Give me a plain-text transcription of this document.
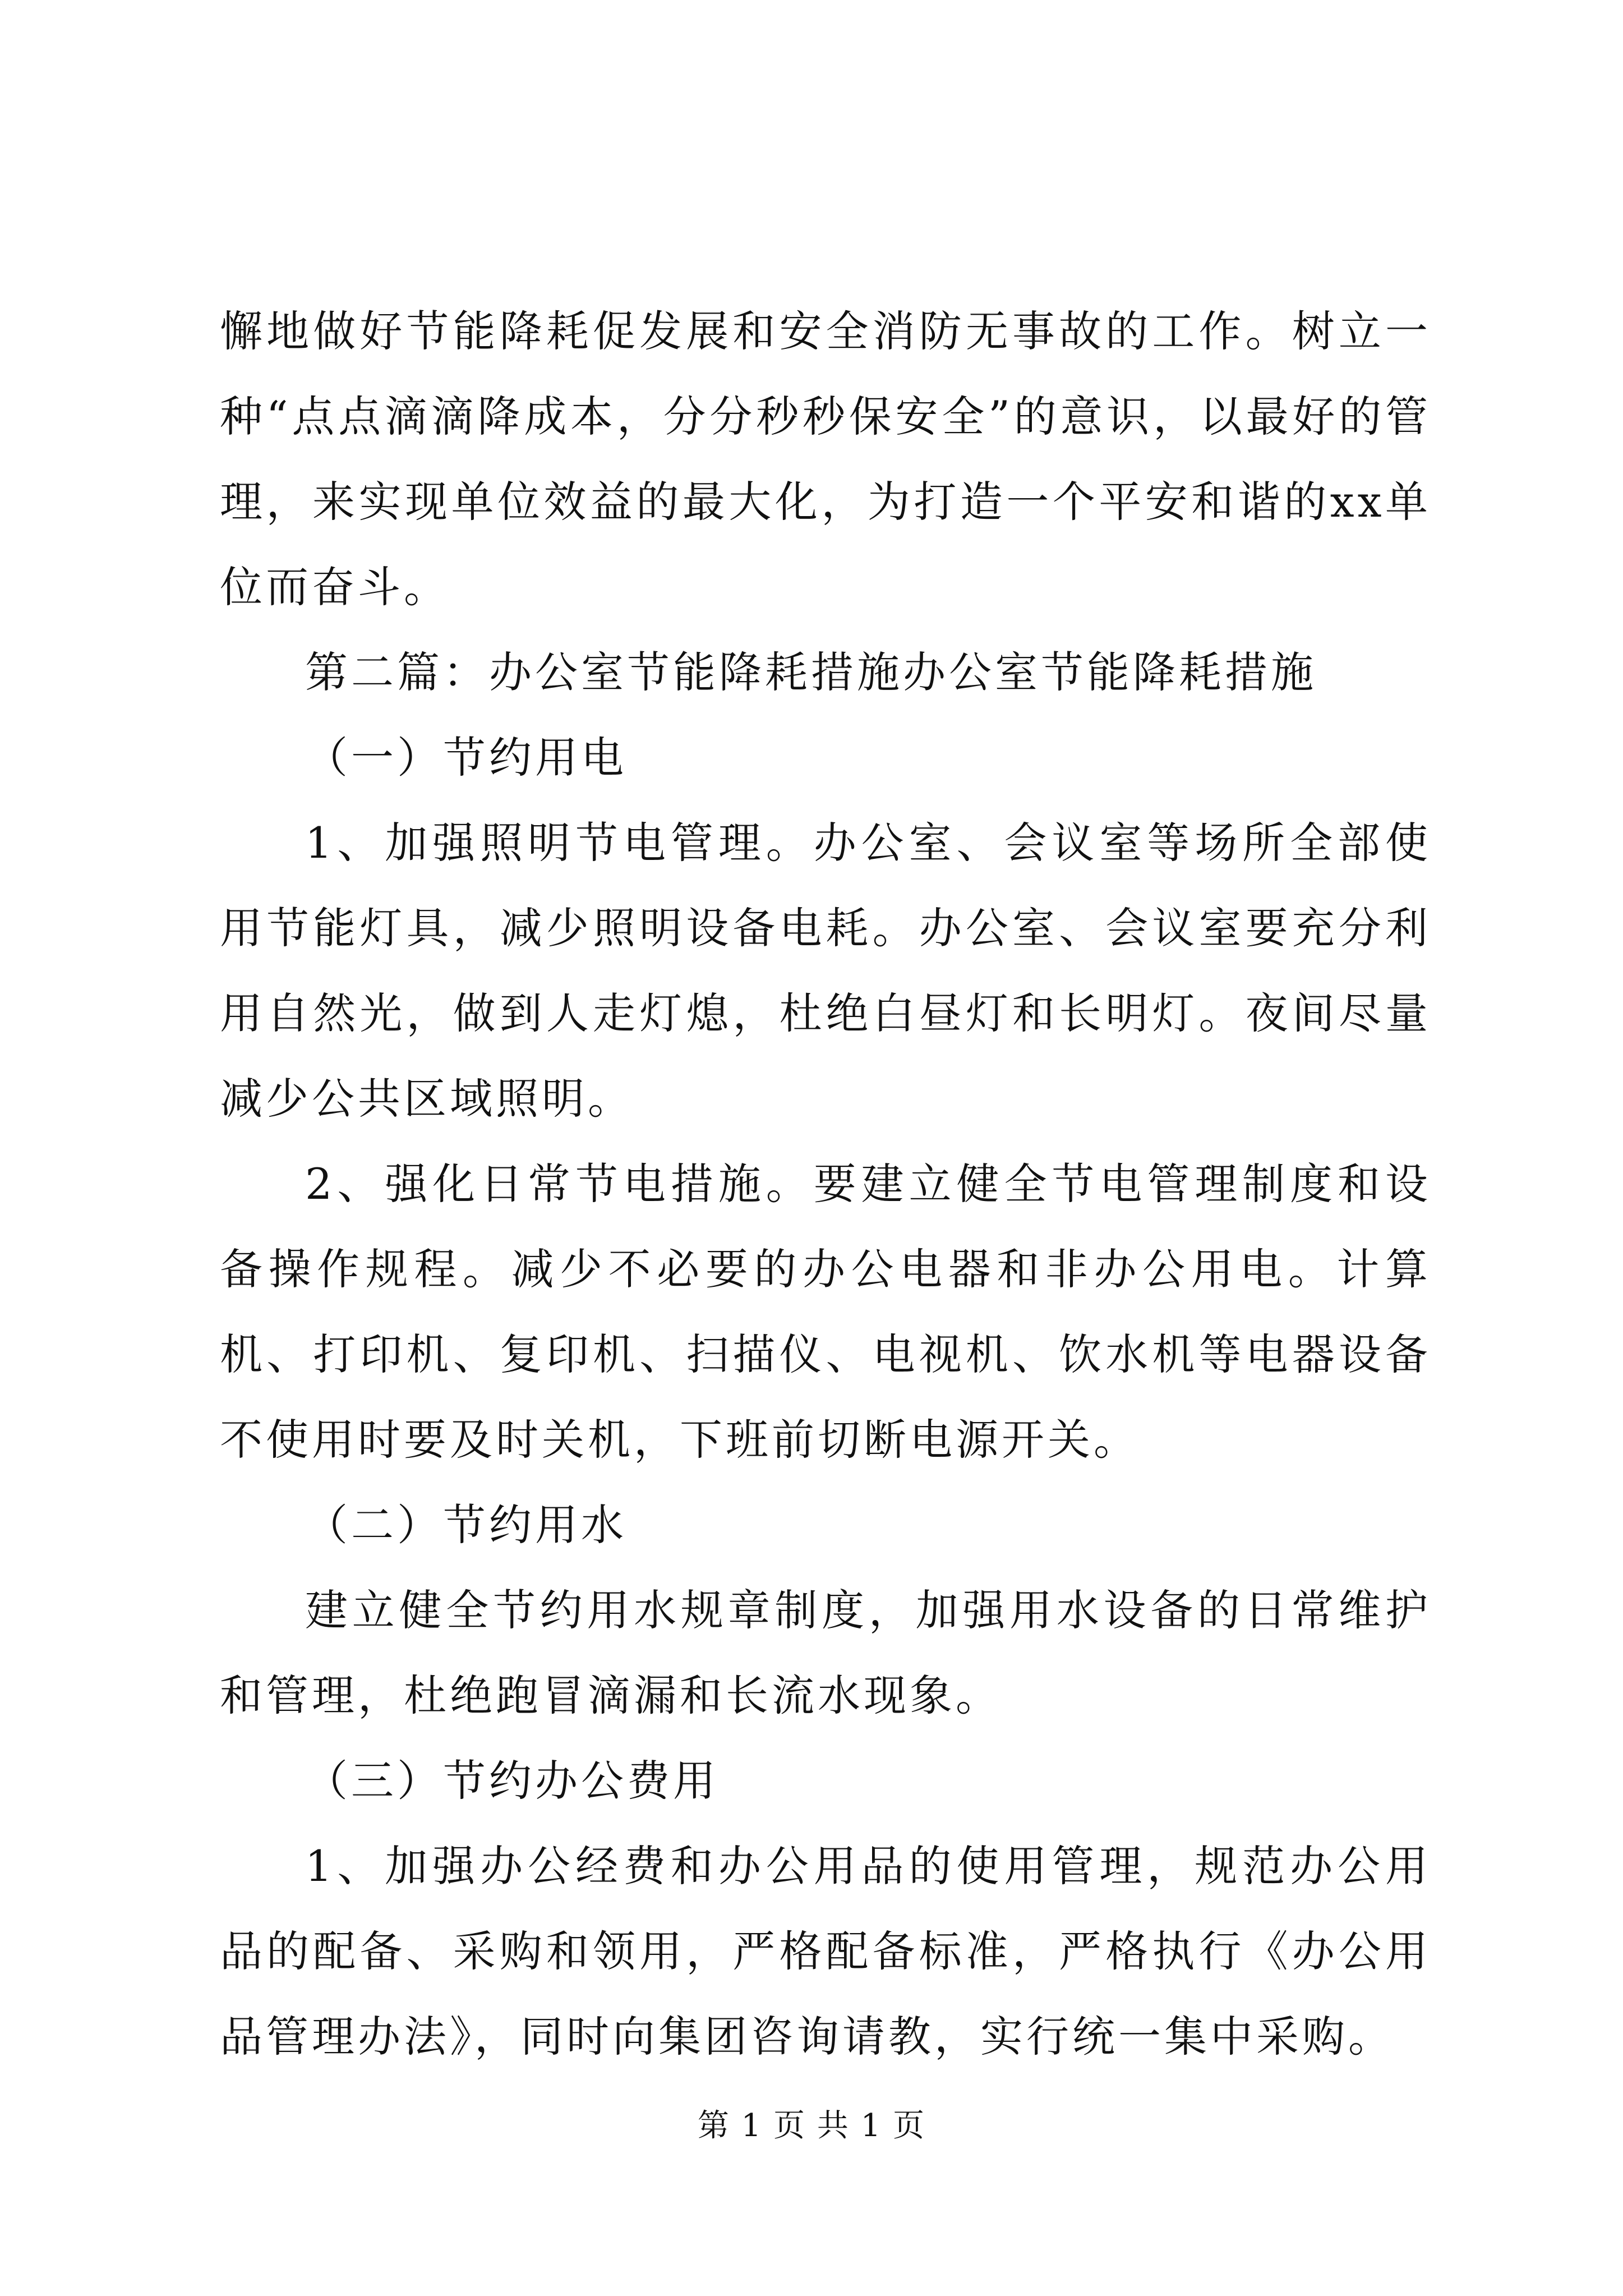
懈地做好节能降耗促发展和安全消防无事故的工作。树立一种“点点滴滴降成本，分分秒秒保安全”的意识，以最好的管理，来实现单位效益的最大化，为打造一个平安和谐的xx单位而奋斗。

第二篇：办公室节能降耗措施办公室节能降耗措施

（一）节约用电

1、加强照明节电管理。办公室、会议室等场所全部使用节能灯具，减少照明设备电耗。办公室、会议室要充分利用自然光，做到人走灯熄，杜绝白昼灯和长明灯。夜间尽量减少公共区域照明。

2、强化日常节电措施。要建立健全节电管理制度和设备操作规程。减少不必要的办公电器和非办公用电。计算机、打印机、复印机、扫描仪、电视机、饮水机等电器设备不使用时要及时关机，下班前切断电源开关。

（二）节约用水

建立健全节约用水规章制度，加强用水设备的日常维护和管理，杜绝跑冒滴漏和长流水现象。

（三）节约办公费用

1、加强办公经费和办公用品的使用管理，规范办公用品的配备、采购和领用，严格配备标准，严格执行《办公用品管理办法》，同时向集团咨询请教，实行统一集中采购。

第 1 页 共 1 页
